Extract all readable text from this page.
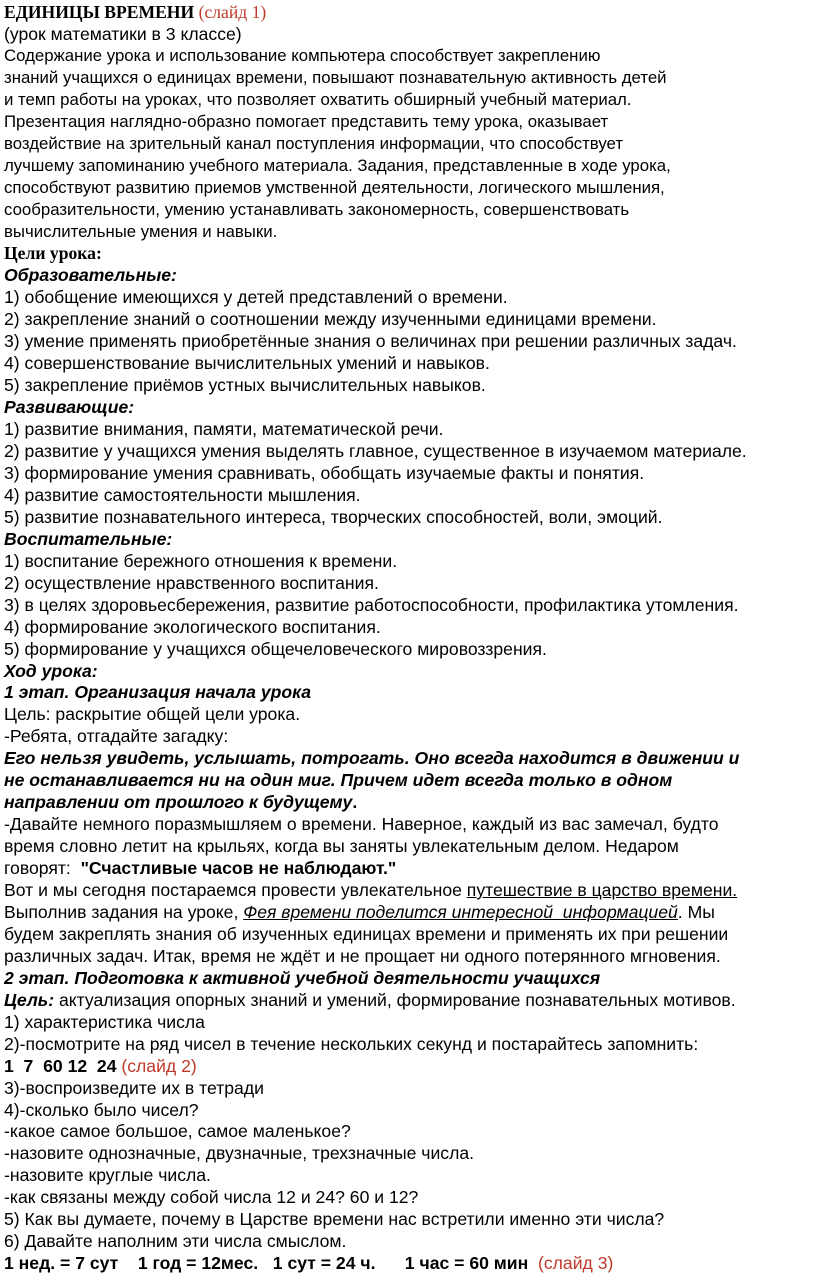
ЕДИНИЦЫ ВРЕМЕНИ (слайд 1)
(урок математики в 3 классе)
Содержание урока и использование компьютера способствует закреплению
знаний учащихся о единицах времени, повышают познавательную активность детей
и темп работы на уроках, что позволяет охватить обширный учебный материал.
Презентация наглядно-образно помогает представить тему урока, оказывает
воздействие на зрительный канал поступления информации, что способствует
лучшему запоминанию учебного материала. Задания, представленные в ходе урока,
способствуют развитию приемов умственной деятельности, логического мышления,
сообразительности, умению устанавливать закономерность, совершенствовать
вычислительные умения и навыки.
Цели урока:
Образовательные:
1) обобщение имеющихся у детей представлений о времени.
2) закрепление знаний о соотношении между изученными единицами времени.
3) умение применять приобретённые знания о величинах при решении различных задач.
4) совершенствование вычислительных умений и навыков.
5) закрепление приёмов устных вычислительных навыков.
Развивающие:
1) развитие внимания, памяти, математической речи.
2) развитие у учащихся умения выделять главное, существенное в изучаемом материале.
3) формирование умения сравнивать, обобщать изучаемые факты и понятия.
4) развитие самостоятельности мышления.
5) развитие познавательного интереса, творческих способностей, воли, эмоций.
Воспитательные:
1) воспитание бережного отношения к времени.
2) осуществление нравственного воспитания.
3) в целях здоровьесбережения, развитие работоспособности, профилактика утомления.
4) формирование экологического воспитания.
5) формирование у учащихся общечеловеческого мировоззрения.
Ход урока:
1 этап. Организация начала урока
Цель: раскрытие общей цели урока.
-Ребята, отгадайте загадку:
Его нельзя увидеть, услышать, потрогать. Оно всегда находится в движении и
не останавливается ни на один миг. Причем идет всегда только в одном
направлении от прошлого к будущему.
-Давайте немного поразмышляем о времени. Наверное, каждый из вас замечал, будто
время словно летит на крыльях, когда вы заняты увлекательным делом. Недаром
говорят:  "Счастливые часов не наблюдают."
Вот и мы сегодня постараемся провести увлекательное путешествие в царство времени.
Выполнив задания на уроке, Фея времени поделится интересной  информацией. Мы
будем закреплять знания об изученных единицах времени и применять их при решении
различных задач. Итак, время не ждёт и не прощает ни одного потерянного мгновения.
2 этап. Подготовка к активной учебной деятельности учащихся
Цель: актуализация опорных знаний и умений, формирование познавательных мотивов.
1) характеристика числа
2)-посмотрите на ряд чисел в течение нескольких секунд и постарайтесь запомнить:
1  7  60 12  24 (слайд 2)
3)-воспроизведите их в тетради
4)-сколько было чисел?
-какое самое большое, самое маленькое?
-назовите однозначные, двузначные, трехзначные числа.
-назовите круглые числа.
-как связаны между собой числа 12 и 24? 60 и 12?
5) Как вы думаете, почему в Царстве времени нас встретили именно эти числа?
6) Давайте наполним эти числа смыслом.
1 нед. = 7 сут    1 год = 12мес.   1 сут = 24 ч.      1 час = 60 мин  (слайд 3)
